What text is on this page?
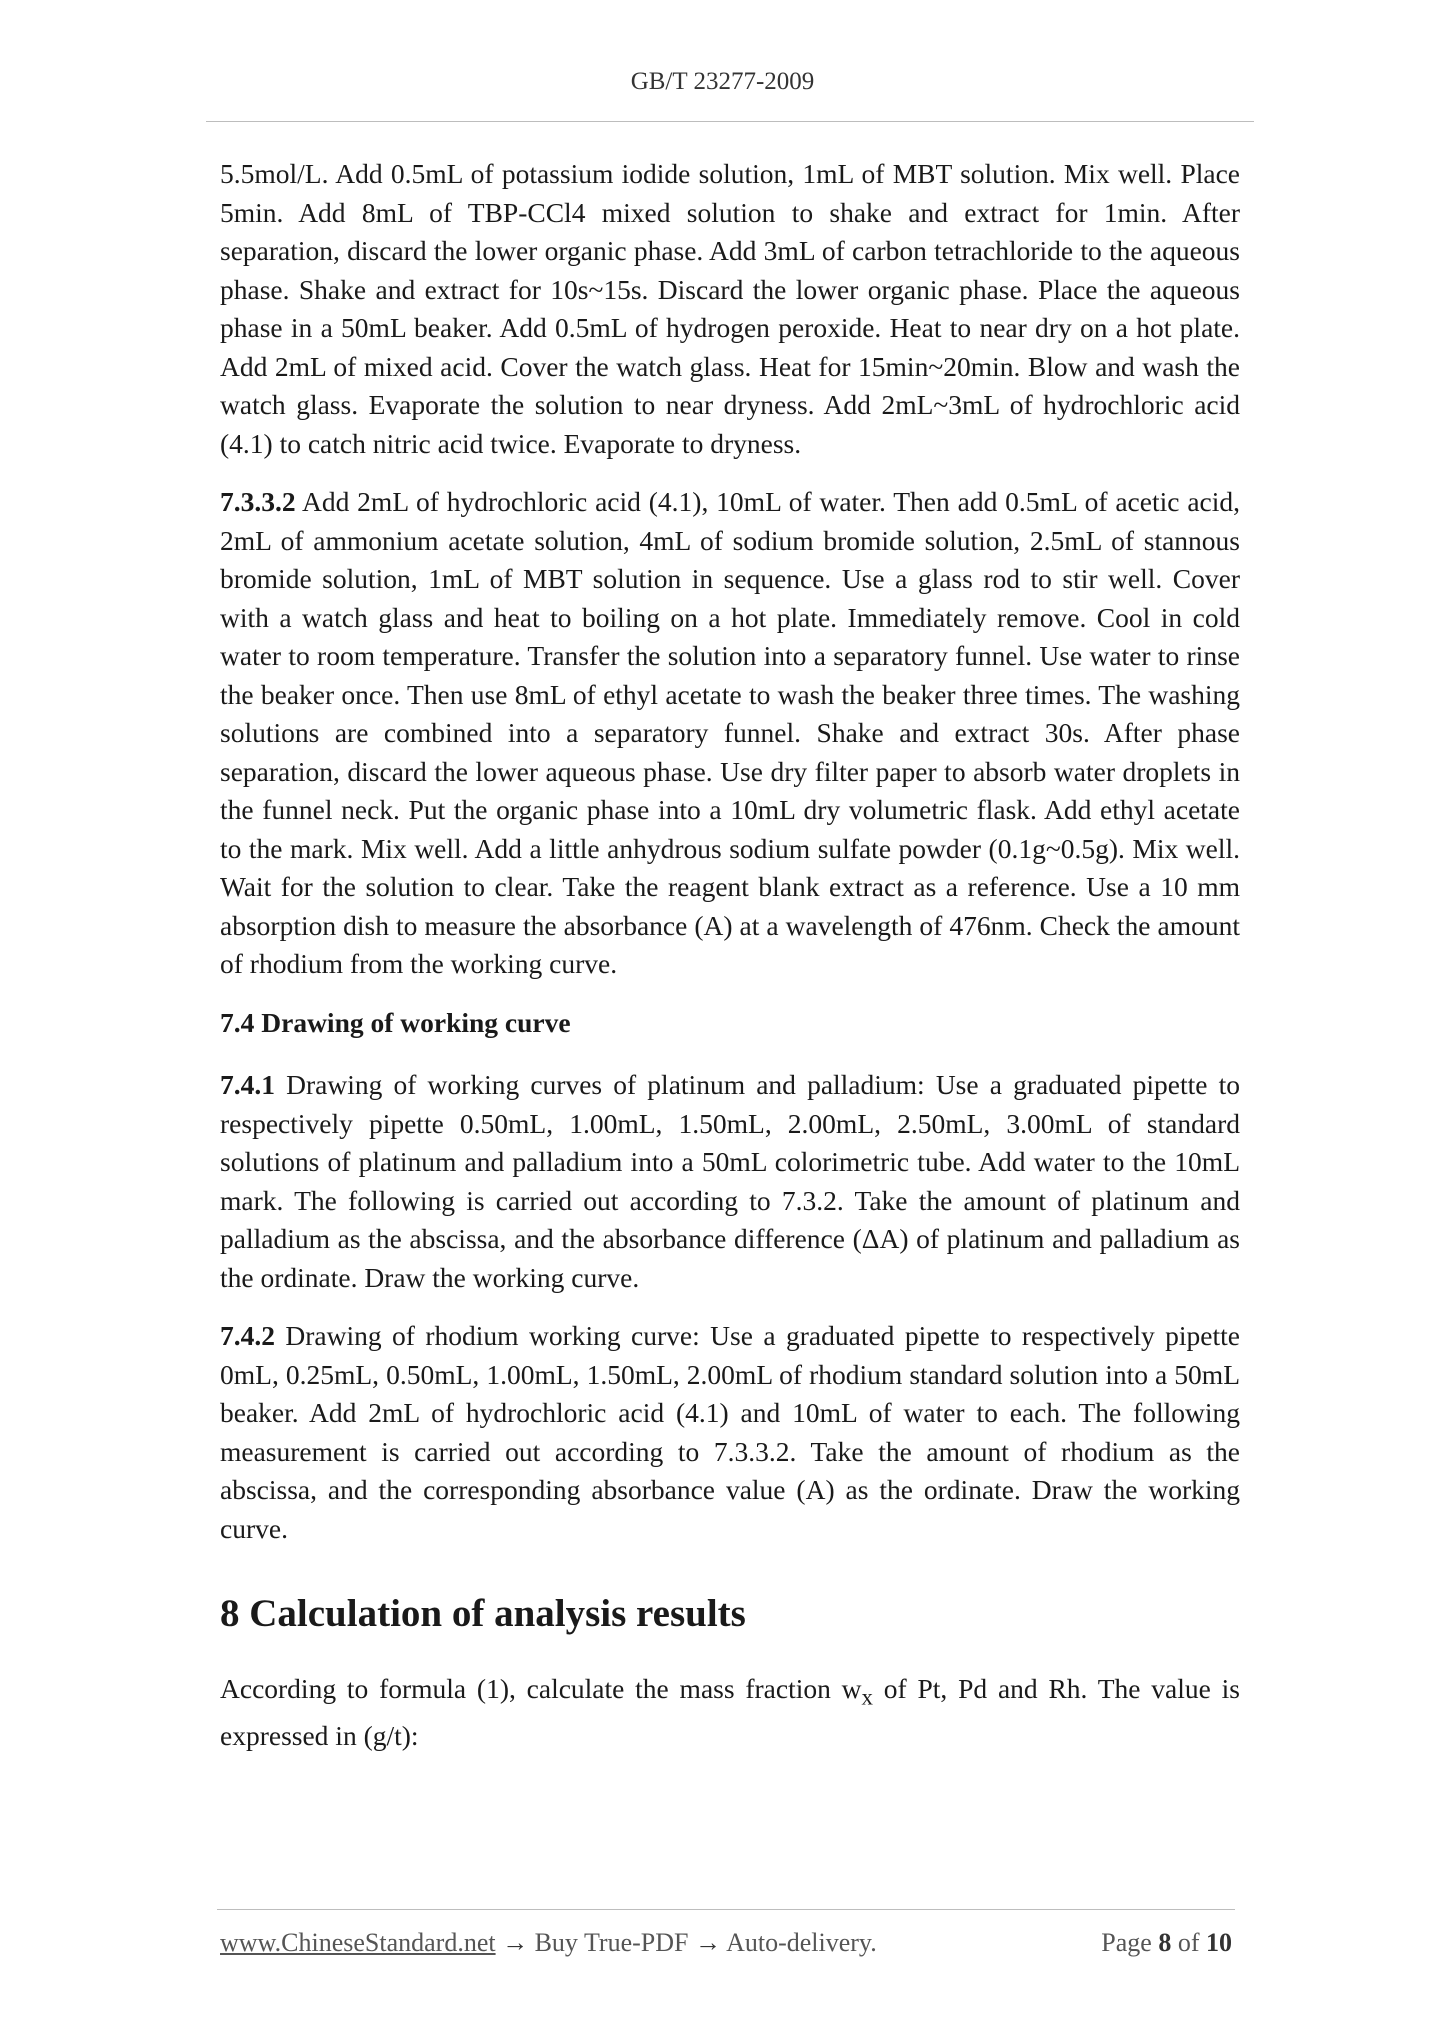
GB/T 23277-2009

5.5mol/L. Add 0.5mL of potassium iodide solution, 1mL of MBT solution. Mix well. Place 5min. Add 8mL of TBP-CCl4 mixed solution to shake and extract for 1min. After separation, discard the lower organic phase. Add 3mL of carbon tetrachloride to the aqueous phase. Shake and extract for 10s~15s. Discard the lower organic phase. Place the aqueous phase in a 50mL beaker. Add 0.5mL of hydrogen peroxide. Heat to near dry on a hot plate. Add 2mL of mixed acid. Cover the watch glass. Heat for 15min~20min. Blow and wash the watch glass. Evaporate the solution to near dryness. Add 2mL~3mL of hydrochloric acid (4.1) to catch nitric acid twice. Evaporate to dryness.

7.3.3.2 Add 2mL of hydrochloric acid (4.1), 10mL of water. Then add 0.5mL of acetic acid, 2mL of ammonium acetate solution, 4mL of sodium bromide solution, 2.5mL of stannous bromide solution, 1mL of MBT solution in sequence. Use a glass rod to stir well. Cover with a watch glass and heat to boiling on a hot plate. Immediately remove. Cool in cold water to room temperature. Transfer the solution into a separatory funnel. Use water to rinse the beaker once. Then use 8mL of ethyl acetate to wash the beaker three times. The washing solutions are combined into a separatory funnel. Shake and extract 30s. After phase separation, discard the lower aqueous phase. Use dry filter paper to absorb water droplets in the funnel neck. Put the organic phase into a 10mL dry volumetric flask. Add ethyl acetate to the mark. Mix well. Add a little anhydrous sodium sulfate powder (0.1g~0.5g). Mix well. Wait for the solution to clear. Take the reagent blank extract as a reference. Use a 10 mm absorption dish to measure the absorbance (A) at a wavelength of 476nm. Check the amount of rhodium from the working curve.

7.4 Drawing of working curve

7.4.1 Drawing of working curves of platinum and palladium: Use a graduated pipette to respectively pipette 0.50mL, 1.00mL, 1.50mL, 2.00mL, 2.50mL, 3.00mL of standard solutions of platinum and palladium into a 50mL colorimetric tube. Add water to the 10mL mark. The following is carried out according to 7.3.2. Take the amount of platinum and palladium as the abscissa, and the absorbance difference (ΔA) of platinum and palladium as the ordinate. Draw the working curve.

7.4.2 Drawing of rhodium working curve: Use a graduated pipette to respectively pipette 0mL, 0.25mL, 0.50mL, 1.00mL, 1.50mL, 2.00mL of rhodium standard solution into a 50mL beaker. Add 2mL of hydrochloric acid (4.1) and 10mL of water to each. The following measurement is carried out according to 7.3.3.2. Take the amount of rhodium as the abscissa, and the corresponding absorbance value (A) as the ordinate. Draw the working curve.

8 Calculation of analysis results

According to formula (1), calculate the mass fraction $w_x$ of Pt, Pd and Rh. The value is expressed in (g/t):

www.ChineseStandard.net → Buy True-PDF → Auto-delivery.	Page 8 of 10
